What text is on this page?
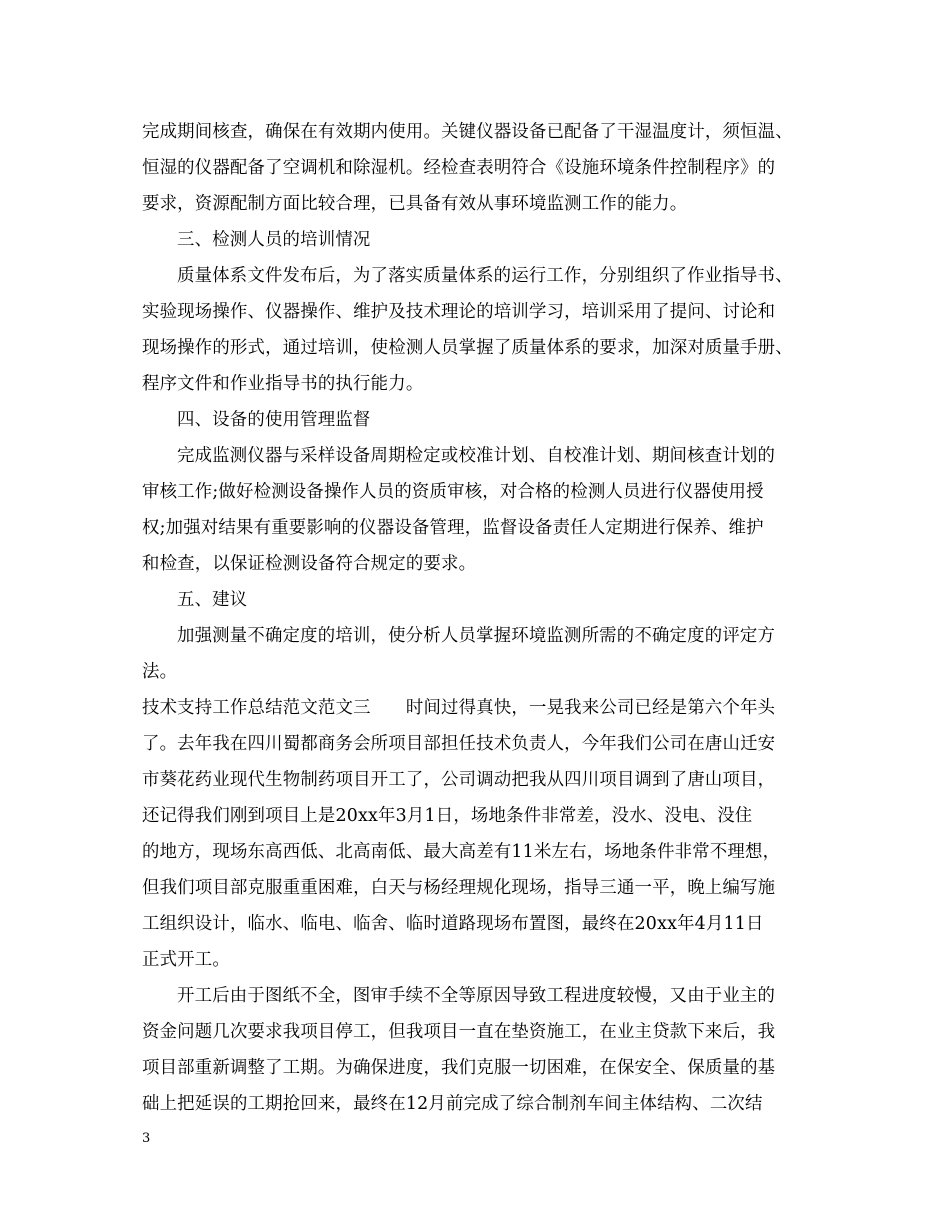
完成期间核查，确保在有效期内使用。关键仪器设备已配备了干湿温度计，须恒温、
恒湿的仪器配备了空调机和除湿机。经检查表明符合《设施环境条件控制程序》的
要求，资源配制方面比较合理，已具备有效从事环境监测工作的能力。
三、检测人员的培训情况
质量体系文件发布后，为了落实质量体系的运行工作，分别组织了作业指导书、
实验现场操作、仪器操作、维护及技术理论的培训学习，培训采用了提问、讨论和
现场操作的形式，通过培训，使检测人员掌握了质量体系的要求，加深对质量手册、
程序文件和作业指导书的执行能力。
四、设备的使用管理监督
完成监测仪器与采样设备周期检定或校准计划、自校准计划、期间核查计划的
审核工作;做好检测设备操作人员的资质审核，对合格的检测人员进行仪器使用授
权;加强对结果有重要影响的仪器设备管理，监督设备责任人定期进行保养、维护
和检查，以保证检测设备符合规定的要求。
五、建议
加强测量不确定度的培训，使分析人员掌握环境监测所需的不确定度的评定方
法。
技术支持工作总结范文范文三　　时间过得真快，一晃我来公司已经是第六个年头
了。去年我在四川蜀都商务会所项目部担任技术负责人，今年我们公司在唐山迁安
市葵花药业现代生物制药项目开工了，公司调动把我从四川项目调到了唐山项目，
还记得我们刚到项目上是20xx年3月1日，场地条件非常差，没水、没电、没住
的地方，现场东高西低、北高南低、最大高差有11米左右，场地条件非常不理想，
但我们项目部克服重重困难，白天与杨经理规化现场，指导三通一平，晚上编写施
工组织设计，临水、临电、临舍、临时道路现场布置图，最终在20xx年4月11日
正式开工。
开工后由于图纸不全，图审手续不全等原因导致工程进度较慢，又由于业主的
资金问题几次要求我项目停工，但我项目一直在垫资施工，在业主贷款下来后，我
项目部重新调整了工期。为确保进度，我们克服一切困难，在保安全、保质量的基
础上把延误的工期抢回来，最终在12月前完成了综合制剂车间主体结构、二次结
3
